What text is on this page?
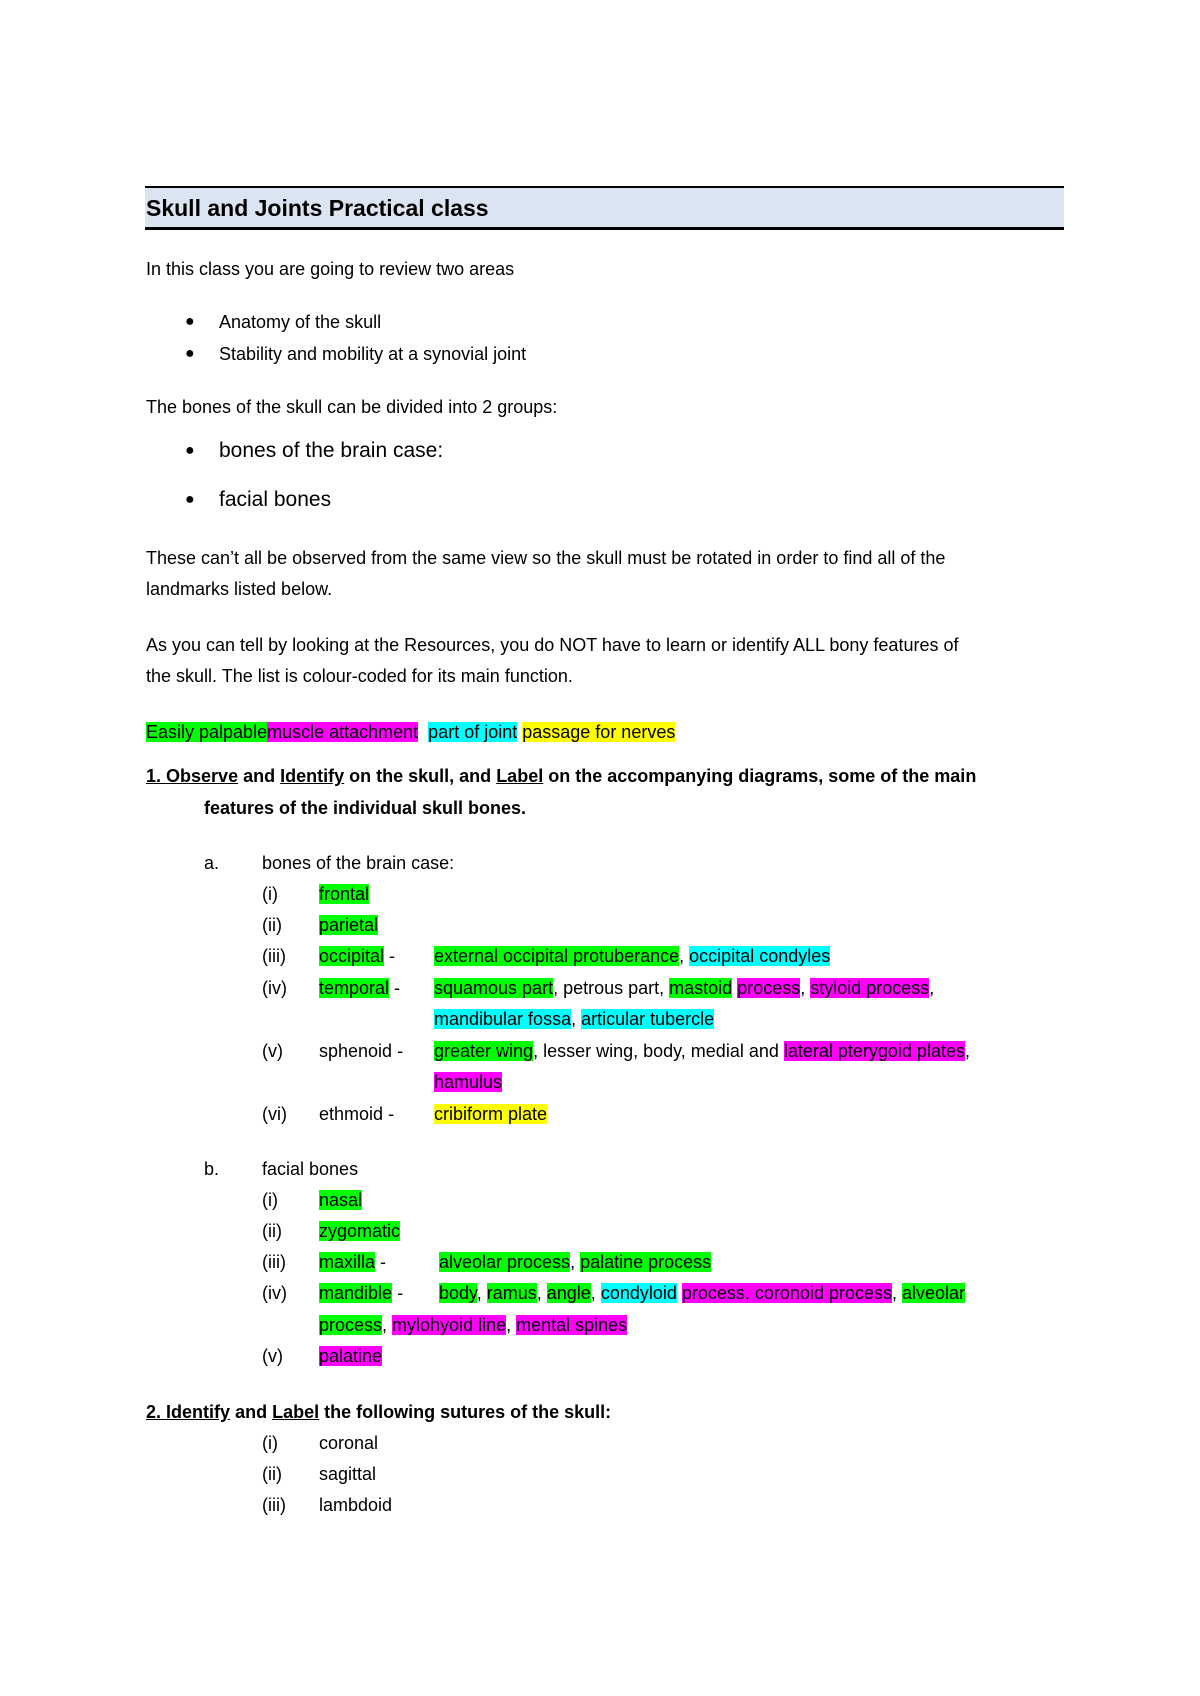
Skull and Joints Practical class
In this class you are going to review two areas
● Anatomy of the skull
● Stability and mobility at a synovial joint
The bones of the skull can be divided into 2 groups:
● bones of the brain case:
● facial bones
These can’t all be observed from the same view so the skull must be rotated in order to find all of the
landmarks listed below.
As you can tell by looking at the Resources, you do NOT have to learn or identify ALL bony features of
the skull. The list is colour-coded for its main function.
Easily palpablemuscle attachment part of joint passage for nerves
1. Observe and Identify on the skull, and Label on the accompanying diagrams, some of the main
features of the individual skull bones.
a. bones of the brain case:
(i) frontal
(ii) parietal
(iii) occipital - external occipital protuberance, occipital condyles
(iv) temporal - squamous part, petrous part, mastoid process, styloid process,
mandibular fossa, articular tubercle
(v) sphenoid - greater wing, lesser wing, body, medial and lateral pterygoid plates,
hamulus
(vi) ethmoid - cribiform plate
b. facial bones
(i) nasal
(ii) zygomatic
(iii) maxilla -	alveolar process, palatine process
(iv) mandible - body, ramus, angle, condyloid process, coronoid process, alveolar
process, mylohyoid line, mental spines
(v) palatine
2. Identify and Label the following sutures of the skull:
(i) coronal
(ii) sagittal
(iii) lambdoid
